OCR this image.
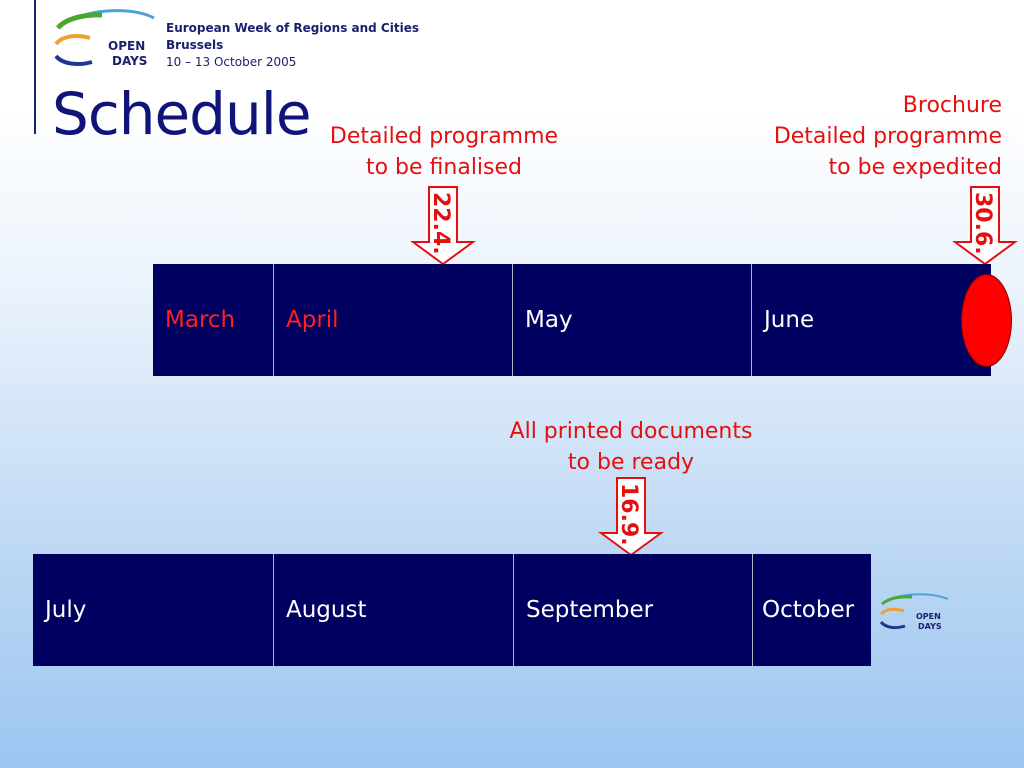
OPEN
DAYS
European Week of Regions and Cities
Brussels
10 – 13 October 2005
Schedule Detailed programme
to be finalised
22.4.
Brochure
Detailed programme
to be expedited
30.6.
March	April	May	June
All printed documents
to be ready
16.9.
July	August	September	October	OPEN
DAYS
